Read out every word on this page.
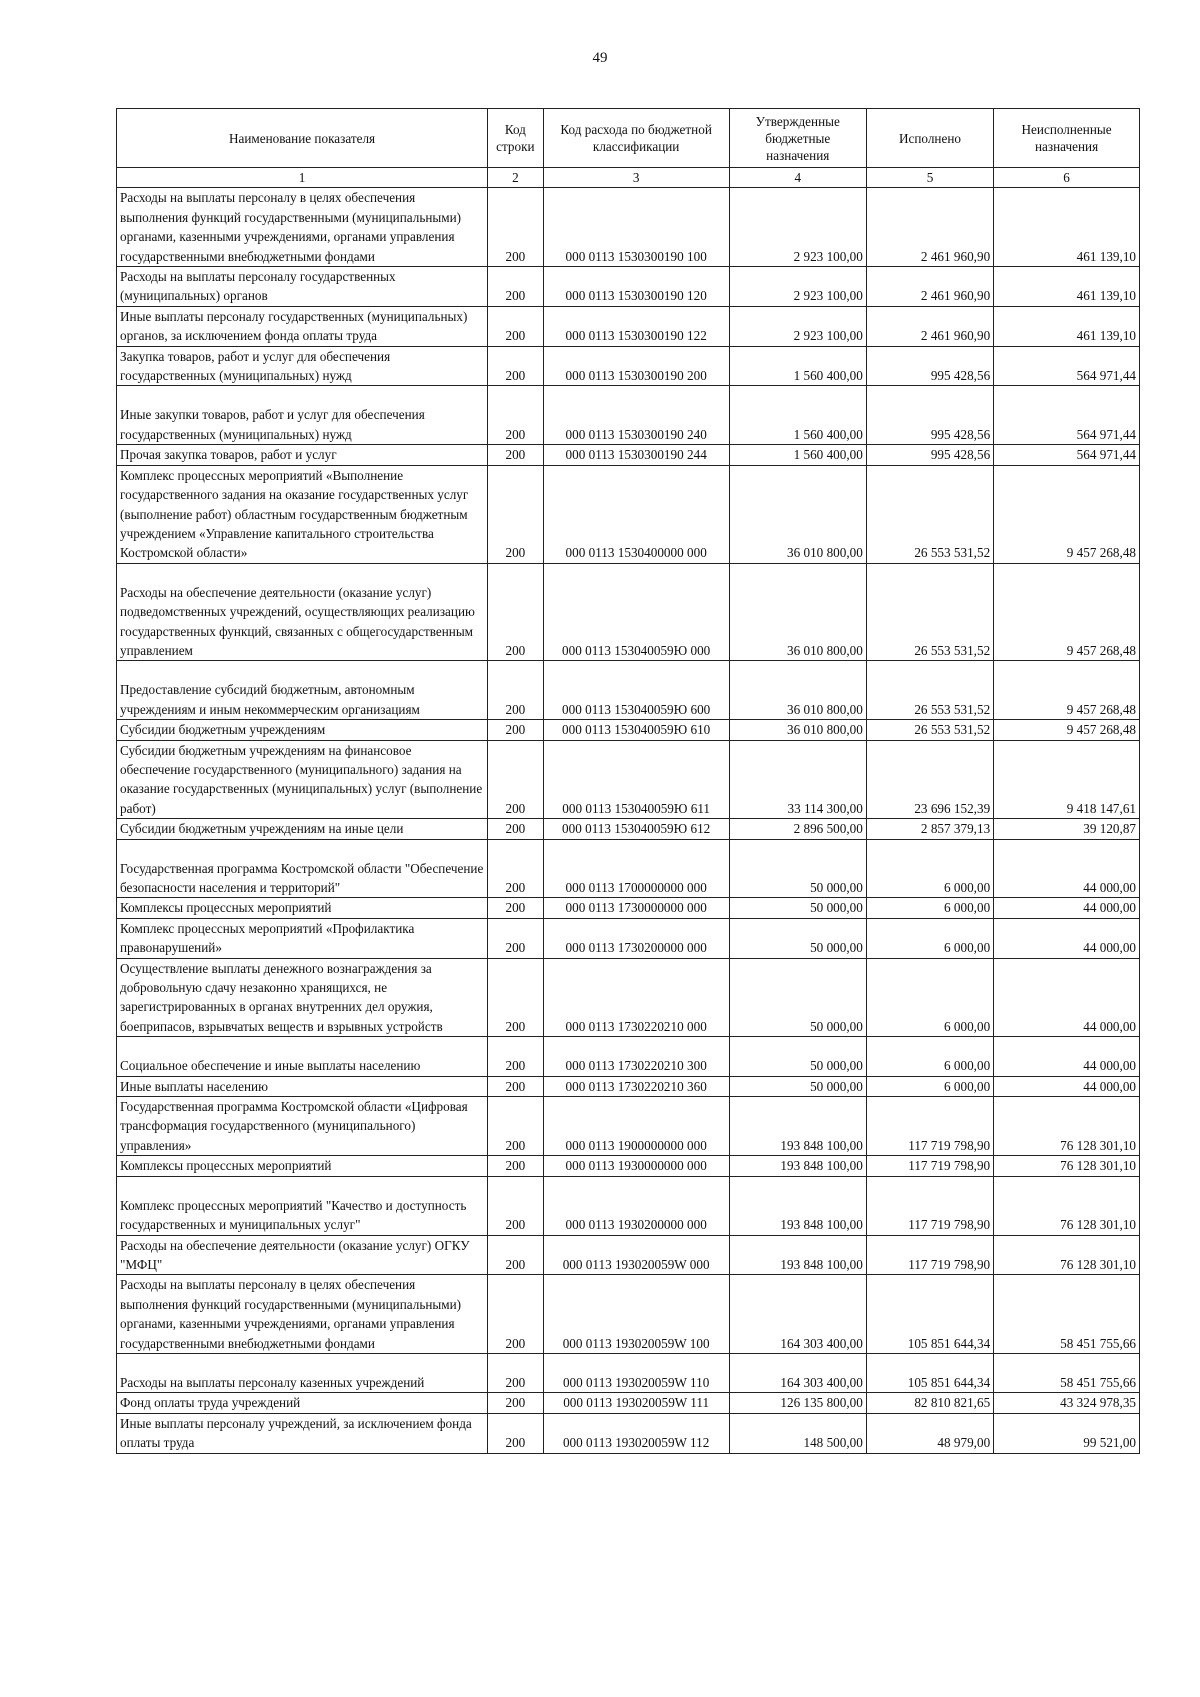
49
Наименование показателя	Код строки	Код расхода по бюджетной классификации	Утвержденные бюджетные назначения	Исполнено	Неисполненные назначения
1	2	3	4	5	6
Расходы на выплаты персоналу в целях обеспечения выполнения функций государственными (муниципальными) органами, казенными учреждениями, органами управления государственными внебюджетными фондами	200	000 0113 1530300190 100	2 923 100,00	2 461 960,90	461 139,10
Расходы на выплаты персоналу государственных (муниципальных) органов	200	000 0113 1530300190 120	2 923 100,00	2 461 960,90	461 139,10
Иные выплаты персоналу государственных (муниципальных) органов, за исключением фонда оплаты труда	200	000 0113 1530300190 122	2 923 100,00	2 461 960,90	461 139,10
Закупка товаров, работ и услуг для обеспечения государственных (муниципальных) нужд	200	000 0113 1530300190 200	1 560 400,00	995 428,56	564 971,44
Иные закупки товаров, работ и услуг для обеспечения государственных (муниципальных) нужд	200	000 0113 1530300190 240	1 560 400,00	995 428,56	564 971,44
Прочая закупка товаров, работ и услуг	200	000 0113 1530300190 244	1 560 400,00	995 428,56	564 971,44
Комплекс процессных мероприятий «Выполнение государственного задания на оказание государственных услуг (выполнение работ) областным государственным бюджетным учреждением «Управление капитального строительства Костромской области»	200	000 0113 1530400000 000	36 010 800,00	26 553 531,52	9 457 268,48
Расходы на обеспечение деятельности (оказание услуг) подведомственных учреждений, осуществляющих реализацию государственных функций, связанных с общегосударственным управлением	200	000 0113 153040059Ю 000	36 010 800,00	26 553 531,52	9 457 268,48
Предоставление субсидий бюджетным, автономным учреждениям и иным некоммерческим организациям	200	000 0113 153040059Ю 600	36 010 800,00	26 553 531,52	9 457 268,48
Субсидии бюджетным учреждениям	200	000 0113 153040059Ю 610	36 010 800,00	26 553 531,52	9 457 268,48
Субсидии бюджетным учреждениям на финансовое обеспечение государственного (муниципального) задания на оказание государственных (муниципальных) услуг (выполнение работ)	200	000 0113 153040059Ю 611	33 114 300,00	23 696 152,39	9 418 147,61
Субсидии бюджетным учреждениям на иные цели	200	000 0113 153040059Ю 612	2 896 500,00	2 857 379,13	39 120,87
Государственная программа Костромской области "Обеспечение безопасности населения и территорий"	200	000 0113 1700000000 000	50 000,00	6 000,00	44 000,00
Комплексы процессных мероприятий	200	000 0113 1730000000 000	50 000,00	6 000,00	44 000,00
Комплекс процессных мероприятий «Профилактика правонарушений»	200	000 0113 1730200000 000	50 000,00	6 000,00	44 000,00
Осуществление выплаты денежного вознаграждения за добровольную сдачу незаконно хранящихся, не зарегистрированных в органах внутренних дел оружия, боеприпасов, взрывчатых веществ и взрывных устройств	200	000 0113 1730220210 000	50 000,00	6 000,00	44 000,00
Социальное обеспечение и иные выплаты населению	200	000 0113 1730220210 300	50 000,00	6 000,00	44 000,00
Иные выплаты населению	200	000 0113 1730220210 360	50 000,00	6 000,00	44 000,00
Государственная программа Костромской области «Цифровая трансформация государственного (муниципального) управления»	200	000 0113 1900000000 000	193 848 100,00	117 719 798,90	76 128 301,10
Комплексы процессных мероприятий	200	000 0113 1930000000 000	193 848 100,00	117 719 798,90	76 128 301,10
Комплекс процессных мероприятий "Качество и доступность государственных и муниципальных услуг"	200	000 0113 1930200000 000	193 848 100,00	117 719 798,90	76 128 301,10
Расходы на обеспечение деятельности (оказание услуг) ОГКУ "МФЦ"	200	000 0113 193020059W 000	193 848 100,00	117 719 798,90	76 128 301,10
Расходы на выплаты персоналу в целях обеспечения выполнения функций государственными (муниципальными) органами, казенными учреждениями, органами управления государственными внебюджетными фондами	200	000 0113 193020059W 100	164 303 400,00	105 851 644,34	58 451 755,66
Расходы на выплаты персоналу казенных учреждений	200	000 0113 193020059W 110	164 303 400,00	105 851 644,34	58 451 755,66
Фонд оплаты труда учреждений	200	000 0113 193020059W 111	126 135 800,00	82 810 821,65	43 324 978,35
Иные выплаты персоналу учреждений, за исключением фонда оплаты труда	200	000 0113 193020059W 112	148 500,00	48 979,00	99 521,00
